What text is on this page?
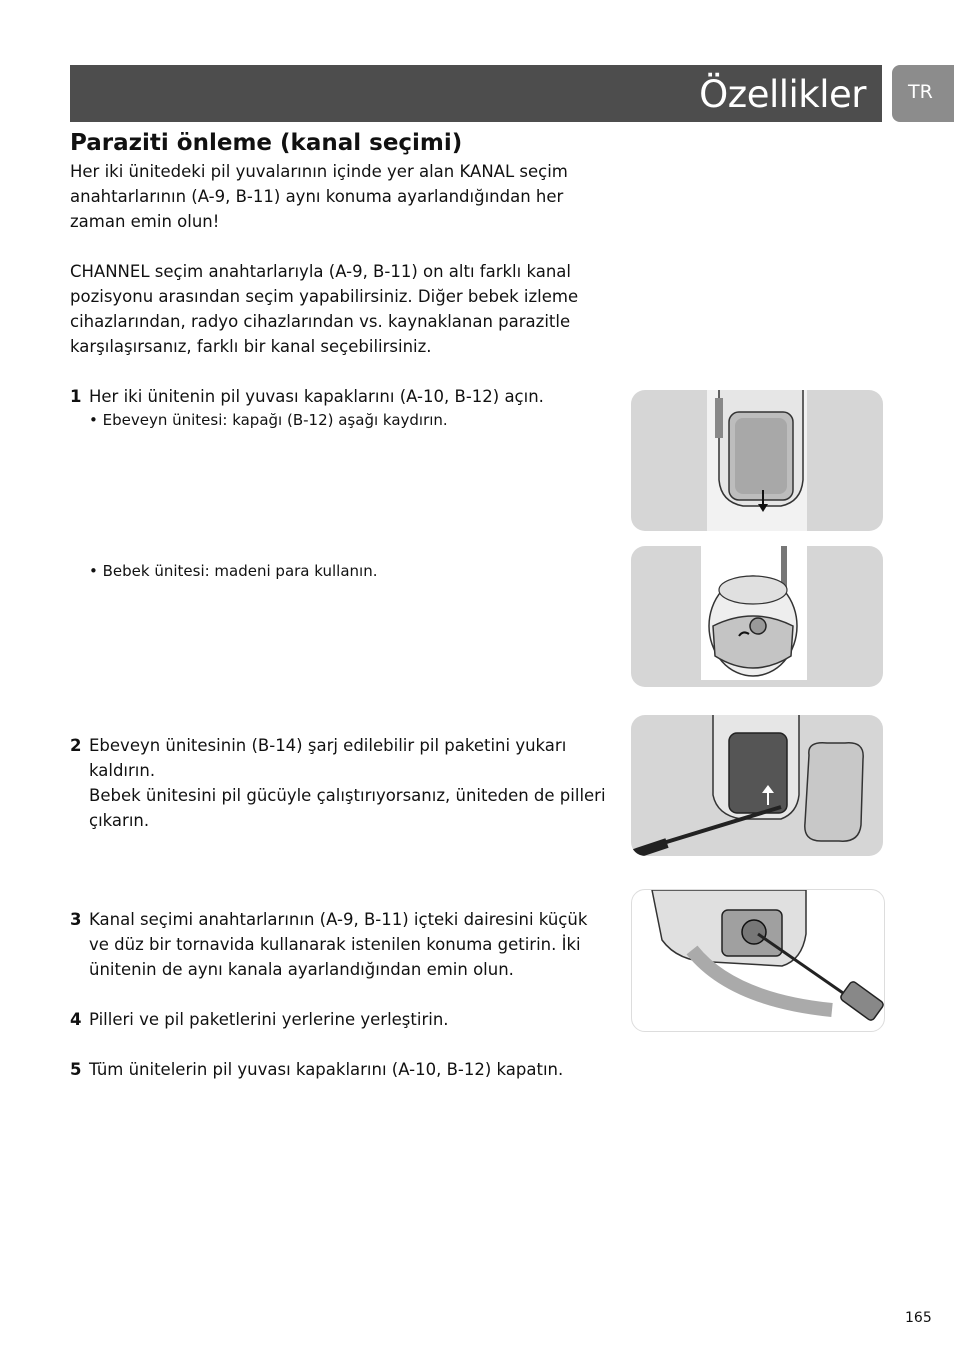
Özellikler	TR
Paraziti önleme (kanal seçimi)

Her iki ünitedeki pil yuvalarının içinde yer alan KANAL seçim anahtarlarının (A-9, B-11) aynı konuma ayarlandığından her zaman emin olun!

CHANNEL seçim anahtarlarıyla (A-9, B-11) on altı farklı kanal pozisyonu arasından seçim yapabilirsiniz. Diğer bebek izleme cihazlarından, radyo cihazlarından vs. kaynaklanan parazitle karşılaşırsanız, farklı bir kanal seçebilirsiniz.

1 Her iki ünitenin pil yuvası kapaklarını (A-10, B-12) açın.
• Ebeveyn ünitesi: kapağı (B-12) aşağı kaydırın.
• Bebek ünitesi: madeni para kullanın.
2 Ebeveyn ünitesinin (B-14) şarj edilebilir pil paketini yukarı kaldırın.
Bebek ünitesini pil gücüyle çalıştırıyorsanız, üniteden de pilleri çıkarın.
3 Kanal seçimi anahtarlarının (A-9, B-11) içteki dairesini küçük ve düz bir tornavida kullanarak istenilen konuma getirin. İki ünitenin de aynı kanala ayarlandığından emin olun.
4 Pilleri ve pil paketlerini yerlerine yerleştirin.
5 Tüm ünitelerin pil yuvası kapaklarını (A-10, B-12) kapatın.
165
